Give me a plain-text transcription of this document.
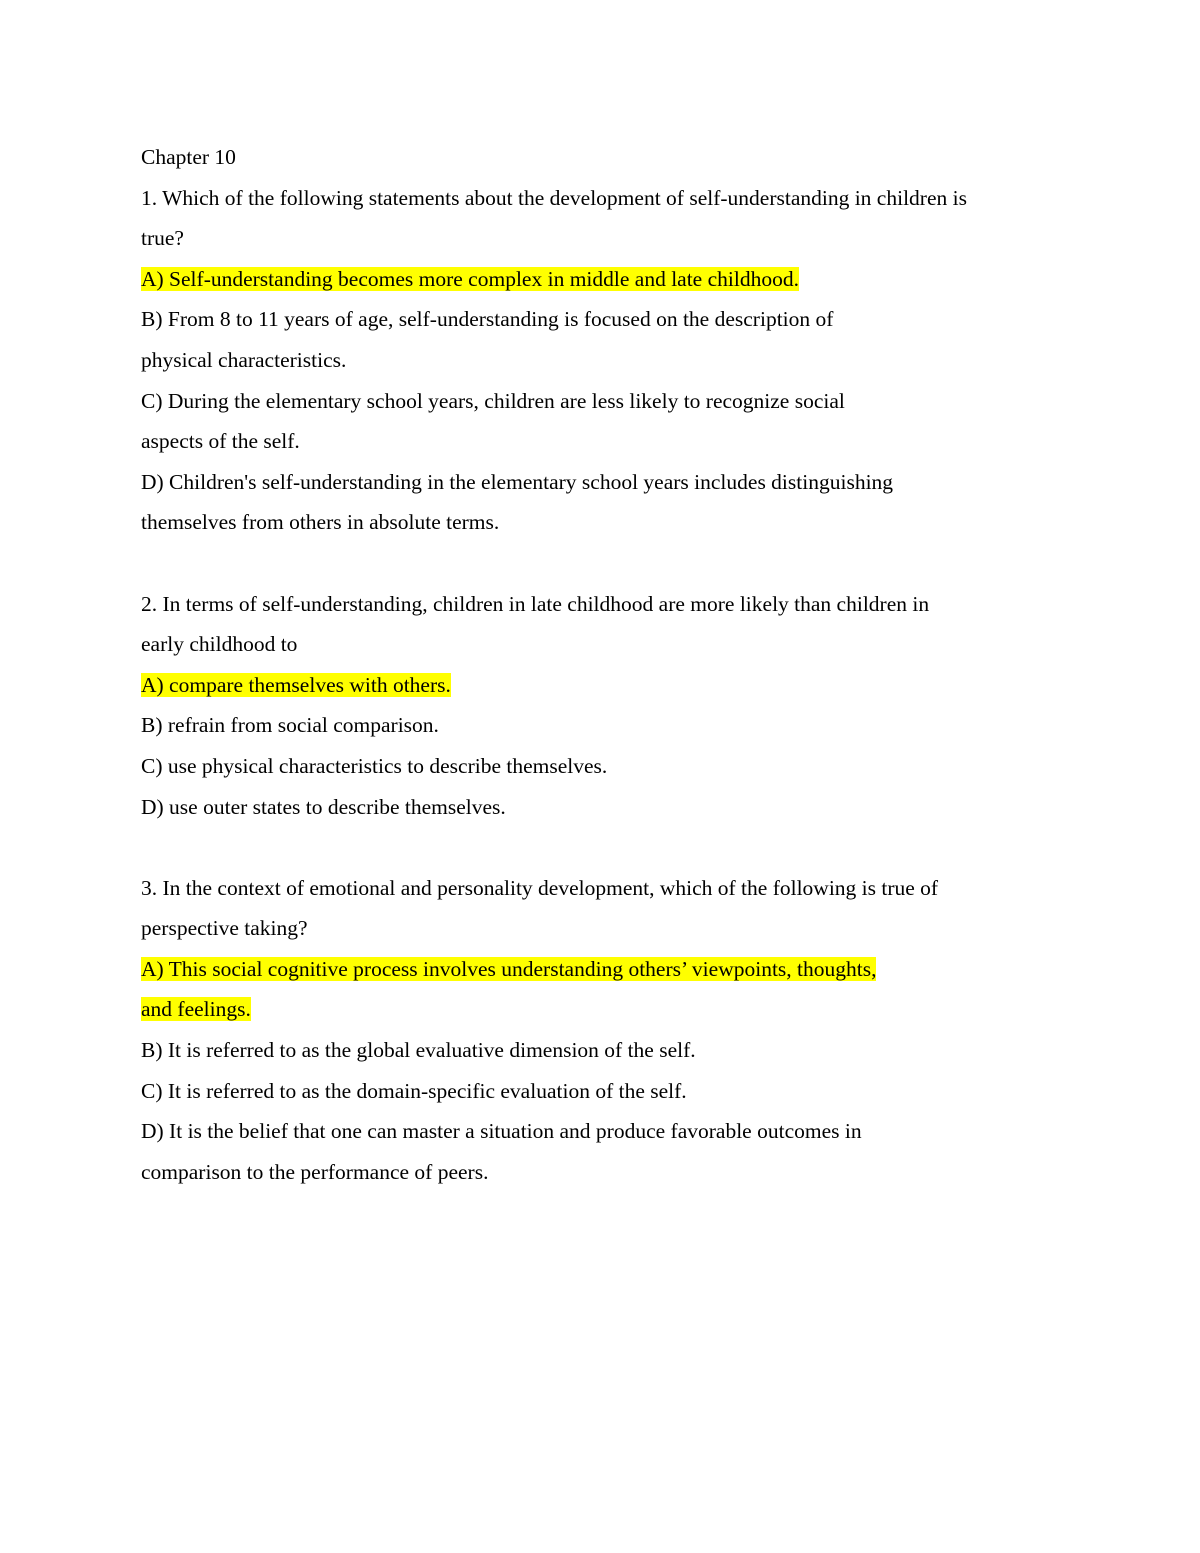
Chapter 10
1. Which of the following statements about the development of self-understanding in children is
true?
A) Self-understanding becomes more complex in middle and late childhood.
B) From 8 to 11 years of age, self-understanding is focused on the description of
physical characteristics.
C) During the elementary school years, children are less likely to recognize social
aspects of the self.
D) Children's self-understanding in the elementary school years includes distinguishing
themselves from others in absolute terms.
2. In terms of self-understanding, children in late childhood are more likely than children in
early childhood to
A) compare themselves with others.
B) refrain from social comparison.
C) use physical characteristics to describe themselves.
D) use outer states to describe themselves.
3. In the context of emotional and personality development, which of the following is true of
perspective taking?
A) This social cognitive process involves understanding others’ viewpoints, thoughts,
and feelings.
B) It is referred to as the global evaluative dimension of the self.
C) It is referred to as the domain-specific evaluation of the self.
D) It is the belief that one can master a situation and produce favorable outcomes in
comparison to the performance of peers.
